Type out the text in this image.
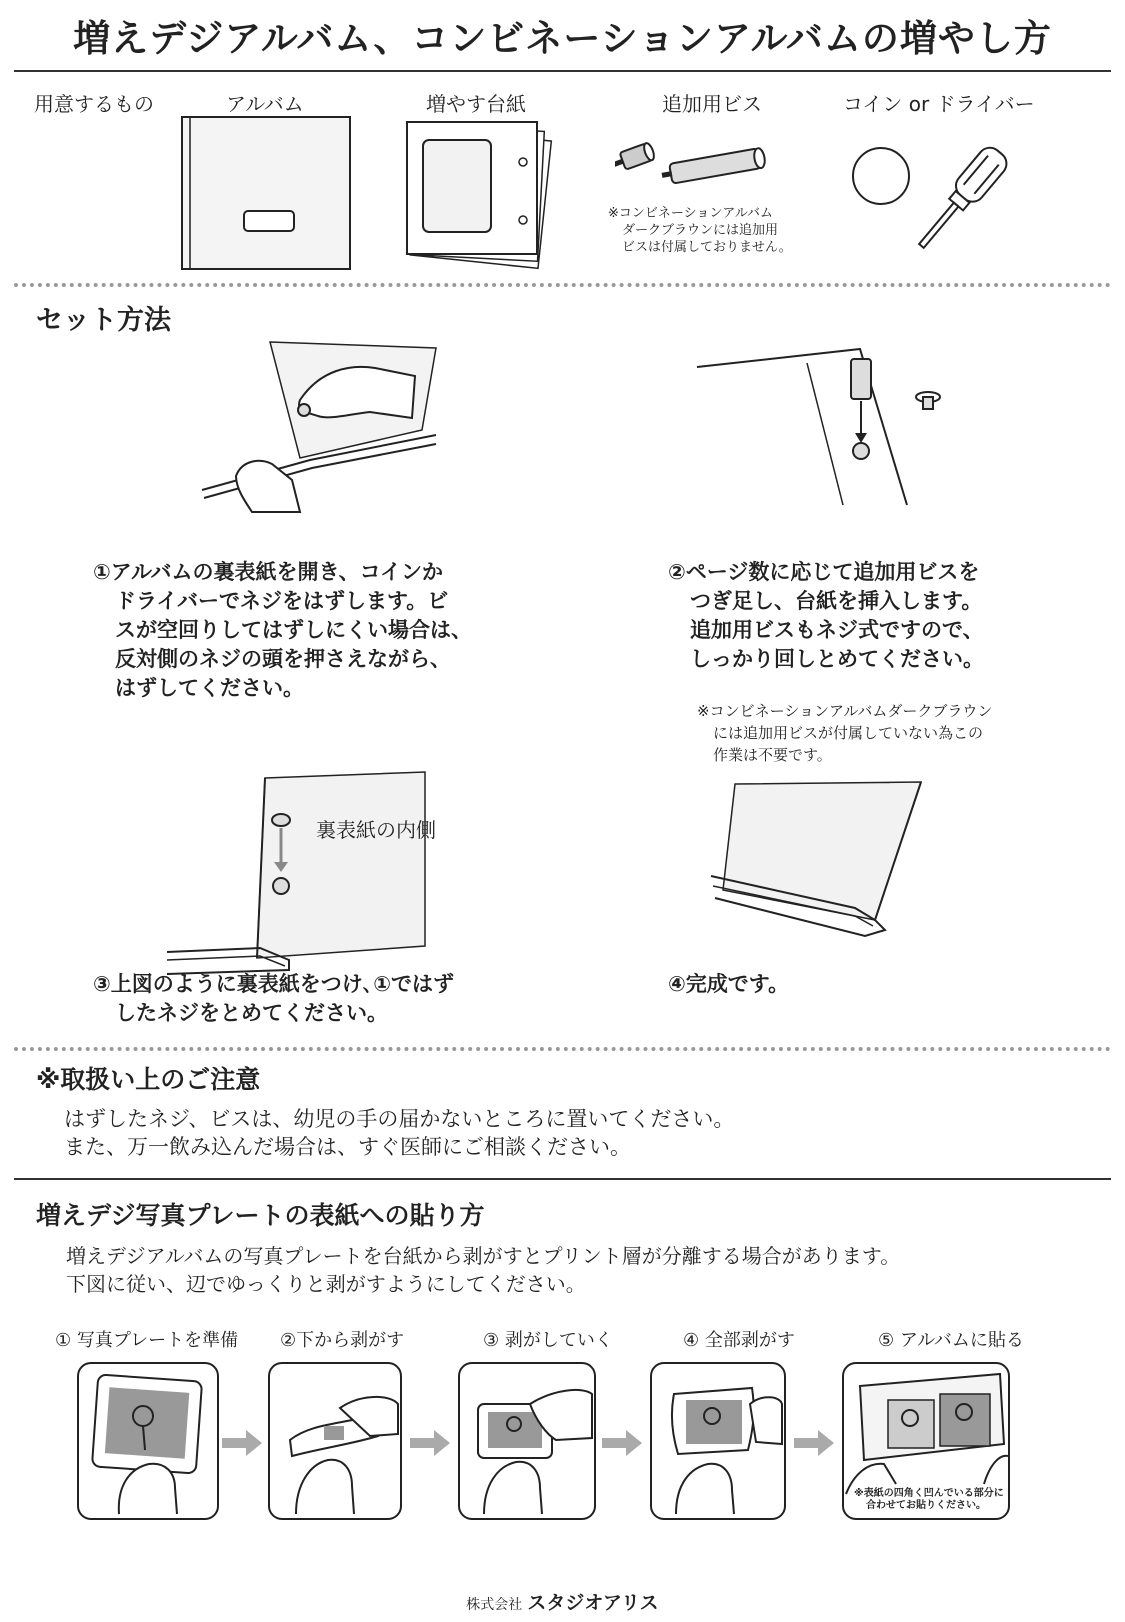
増えデジアルバム、コンビネーションアルバムの増やし方
用意するもの	アルバム	増やす台紙	追加用ビス	コイン or ドライバー
※コンビネーションアルバム
ダークブラウンには追加用
ビスは付属しておりません。
セット方法
①アルバムの裏表紙を開き、コインか
ドライバーでネジをはずします。ビ
スが空回りしてはずしにくい場合は、
反対側のネジの頭を押さえながら、
はずしてください。
②ページ数に応じて追加用ビスを
つぎ足し、台紙を挿入します。
追加用ビスもネジ式ですので、
しっかり回しとめてください。
※コンビネーションアルバムダークブラウン
には追加用ビスが付属していない為この
作業は不要です。
裏表紙の内側
③上図のように裏表紙をつけ､①ではず
したネジをとめてください。
④完成です。
※取扱い上のご注意
はずしたネジ、ビスは、幼児の手の届かないところに置いてください。
また、万一飲み込んだ場合は、すぐ医師にご相談ください。
増えデジ写真プレートの表紙への貼り方
増えデジアルバムの写真プレートを台紙から剥がすとプリント層が分離する場合があります。
下図に従い、辺でゆっくりと剥がすようにしてください。
① 写真プレートを準備 ②下から剥がす	③ 剥がしていく	④ 全部剥がす	⑤ アルバムに貼る
※表紙の四角く凹んでいる部分に
合わせてお貼りください。
株式会社 スタジオアリス
